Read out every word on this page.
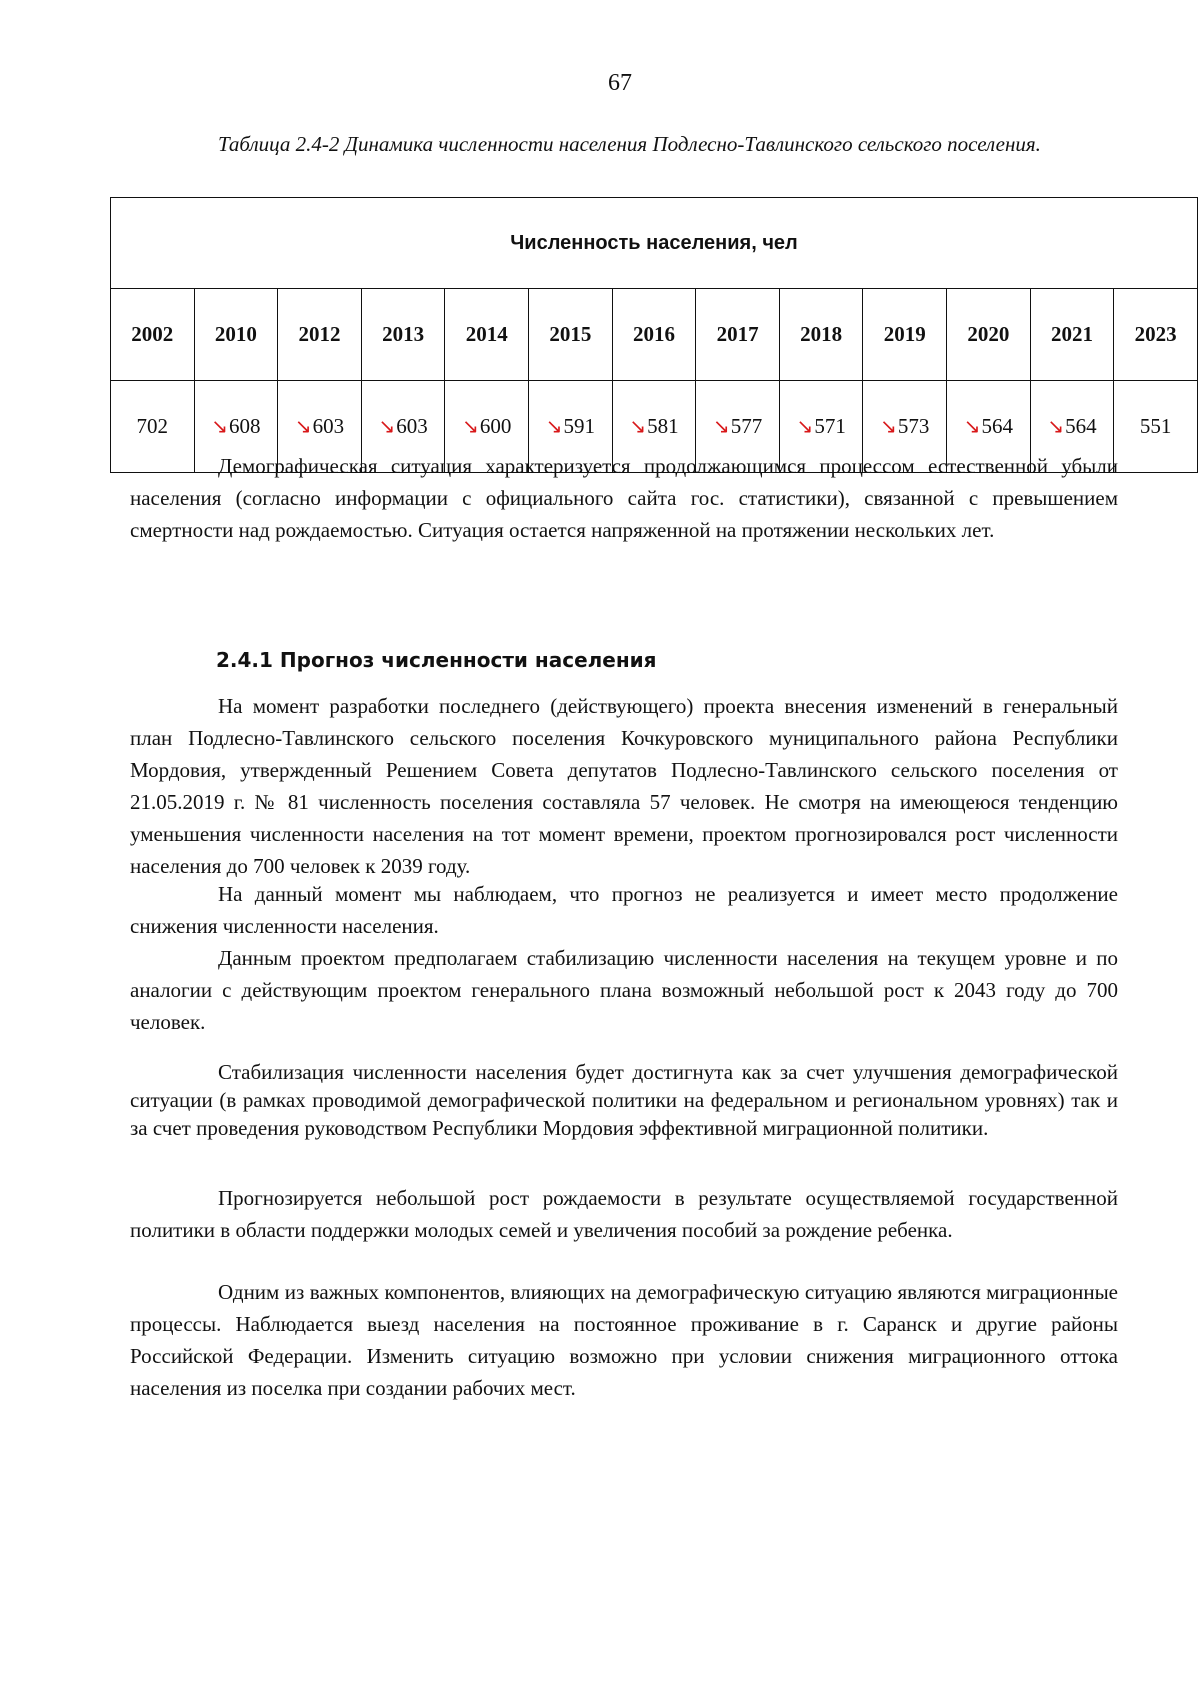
67

Таблица 2.4-2 Динамика численности населения Подлесно-Тавлинского сельского поселения.

Численность населения, чел												
2002	2010	2012	2013	2014	2015	2016	2017	2018	2019	2020	2021	2023
702	↘608	↘603	↘603	↘600	↘591	↘581	↘577	↘571	↘573	↘564	↘564	551

Демографическая ситуация характеризуется продолжающимся процессом естественной убыли населения (согласно информации с официального сайта гос. статистики), связанной с превышением смертности над рождаемостью. Ситуация остается напряженной на протяжении нескольких лет.

2.4.1 Прогноз численности населения

На момент разработки последнего (действующего) проекта внесения изменений в генеральный план Подлесно-Тавлинского сельского поселения Кочкуровского муниципального района Республики Мордовия, утвержденный Решением Совета депутатов Подлесно-Тавлинского сельского поселения от 21.05.2019 г. № 81 численность поселения составляла 57 человек. Не смотря на имеющеюся тенденцию уменьшения численности населения на тот момент времени, проектом прогнозировался рост численности населения до 700 человек к 2039 году.

На данный момент мы наблюдаем, что прогноз не реализуется и имеет место продолжение снижения численности населения.

Данным проектом предполагаем стабилизацию численности населения на текущем уровне и по аналогии с действующим проектом генерального плана возможный небольшой рост к 2043 году до 700 человек.

Стабилизация численности населения будет достигнута как за счет улучшения демографической ситуации (в рамках проводимой демографической политики на федеральном и региональном уровнях) так и за счет проведения руководством Республики Мордовия эффективной миграционной политики.

Прогнозируется небольшой рост рождаемости в результате осуществляемой государственной политики в области поддержки молодых семей и увеличения пособий за рождение ребенка.

Одним из важных компонентов, влияющих на демографическую ситуацию являются миграционные процессы. Наблюдается выезд населения на постоянное проживание в г. Саранск и другие районы Российской Федерации. Изменить ситуацию возможно при условии снижения миграционного оттока населения из поселка при создании рабочих мест.
